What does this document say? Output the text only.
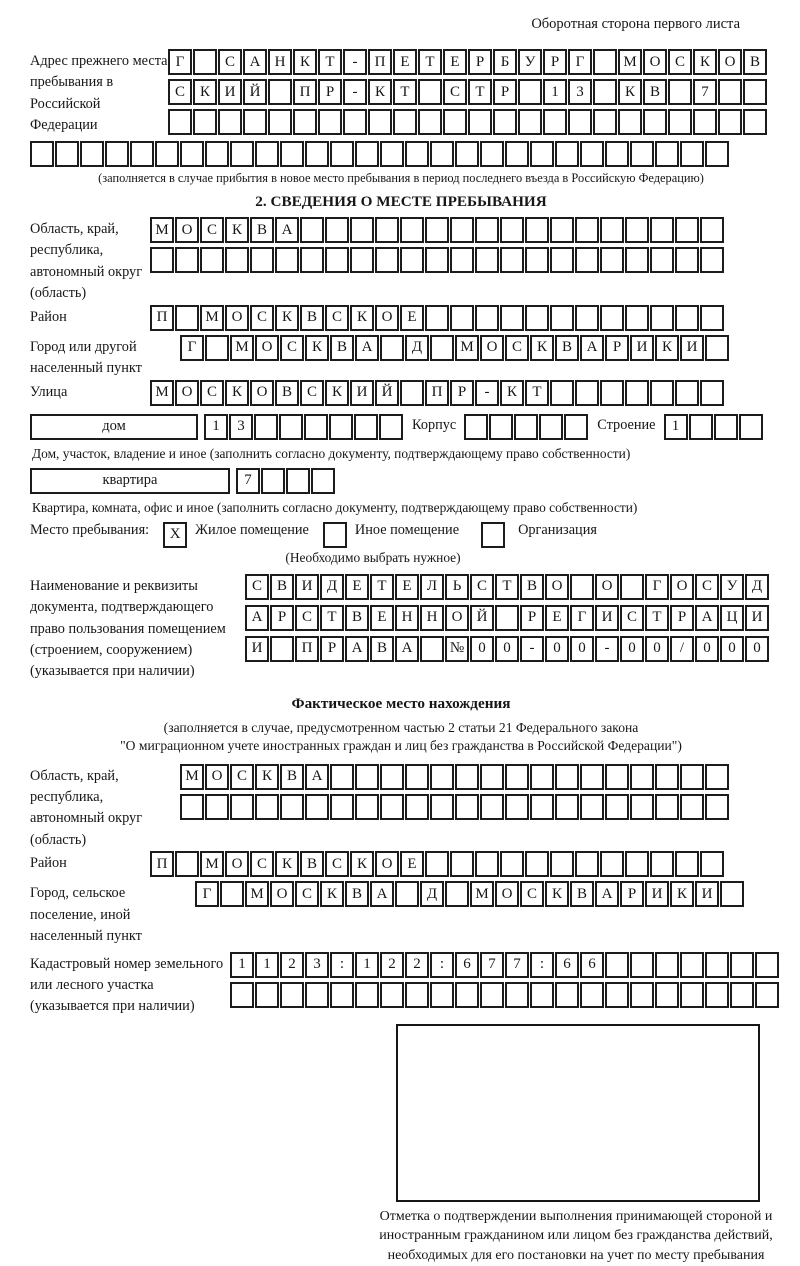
Оборотная сторона первого листа
Адрес прежнего места пребывания в Российской Федерации
Г	С А Н К	Т	-	П Е	Т	Е	Р	Б	У	Р	Г	М О С К О В
С К И Й	П	Р	-	К	Т	С	Т	Р	1	3	К В	7
(заполняется в случае прибытия в новое место пребывания в период последнего въезда в Российскую Федерацию)
2. СВЕДЕНИЯ О МЕСТЕ ПРЕБЫВАНИЯ
Область, край, республика, автономный округ (область)
М О С К В А
Район	П	М О С К В С К О Е
Город или другой населенный пункт
Г	М О С К В А	Д	М О С К В А	Р	И К И
Улица	М О С К О В С К И Й	П	Р	-	К	Т
дом	1	3	Корпус	Строение	1
Дом, участок, владение и иное (заполнить согласно документу, подтверждающему право собственности)
квартира	7
Квартира, комната, офис и иное (заполнить согласно документу, подтверждающему право собственности)
Место пребывания:	X	Жилое помещение	Иное помещение	Организация
(Необходимо выбрать нужное)
Наименование и реквизиты документа, подтверждающего право пользования помещением (строением, сооружением) (указывается при наличии)
С В И Д	Е	Т	Е	Л	Ь	С	Т	В О	О	Г	О С У Д
А	Р	С	Т	В	Е	Н Н О Й	Р	Е	Г	И С	Т	Р	А Ц И
И	П	Р	А В А	№ 0	0	-	0	0	-	0	0	/	0	0	0
Фактическое место нахождения
(заполняется в случае, предусмотренном частью 2 статьи 21 Федерального закона
"О миграционном учете иностранных граждан и лиц без гражданства в Российской Федерации")
Область, край, республика, автономный округ (область)
М О С К В А
Район	П	М О С К В С К О Е
Город, сельское поселение, иной населенный пункт
Г	М О С К В А	Д	М О С К В А	Р	И К И
Кадастровый номер земельного или лесного участка (указывается при наличии)
1	1	2	3	:	1	2	2	:	6	7	7	:	6	6
Отметка о подтверждении выполнения принимающей стороной и иностранным гражданином или лицом без гражданства действий, необходимых для его постановки на учет по месту пребывания
